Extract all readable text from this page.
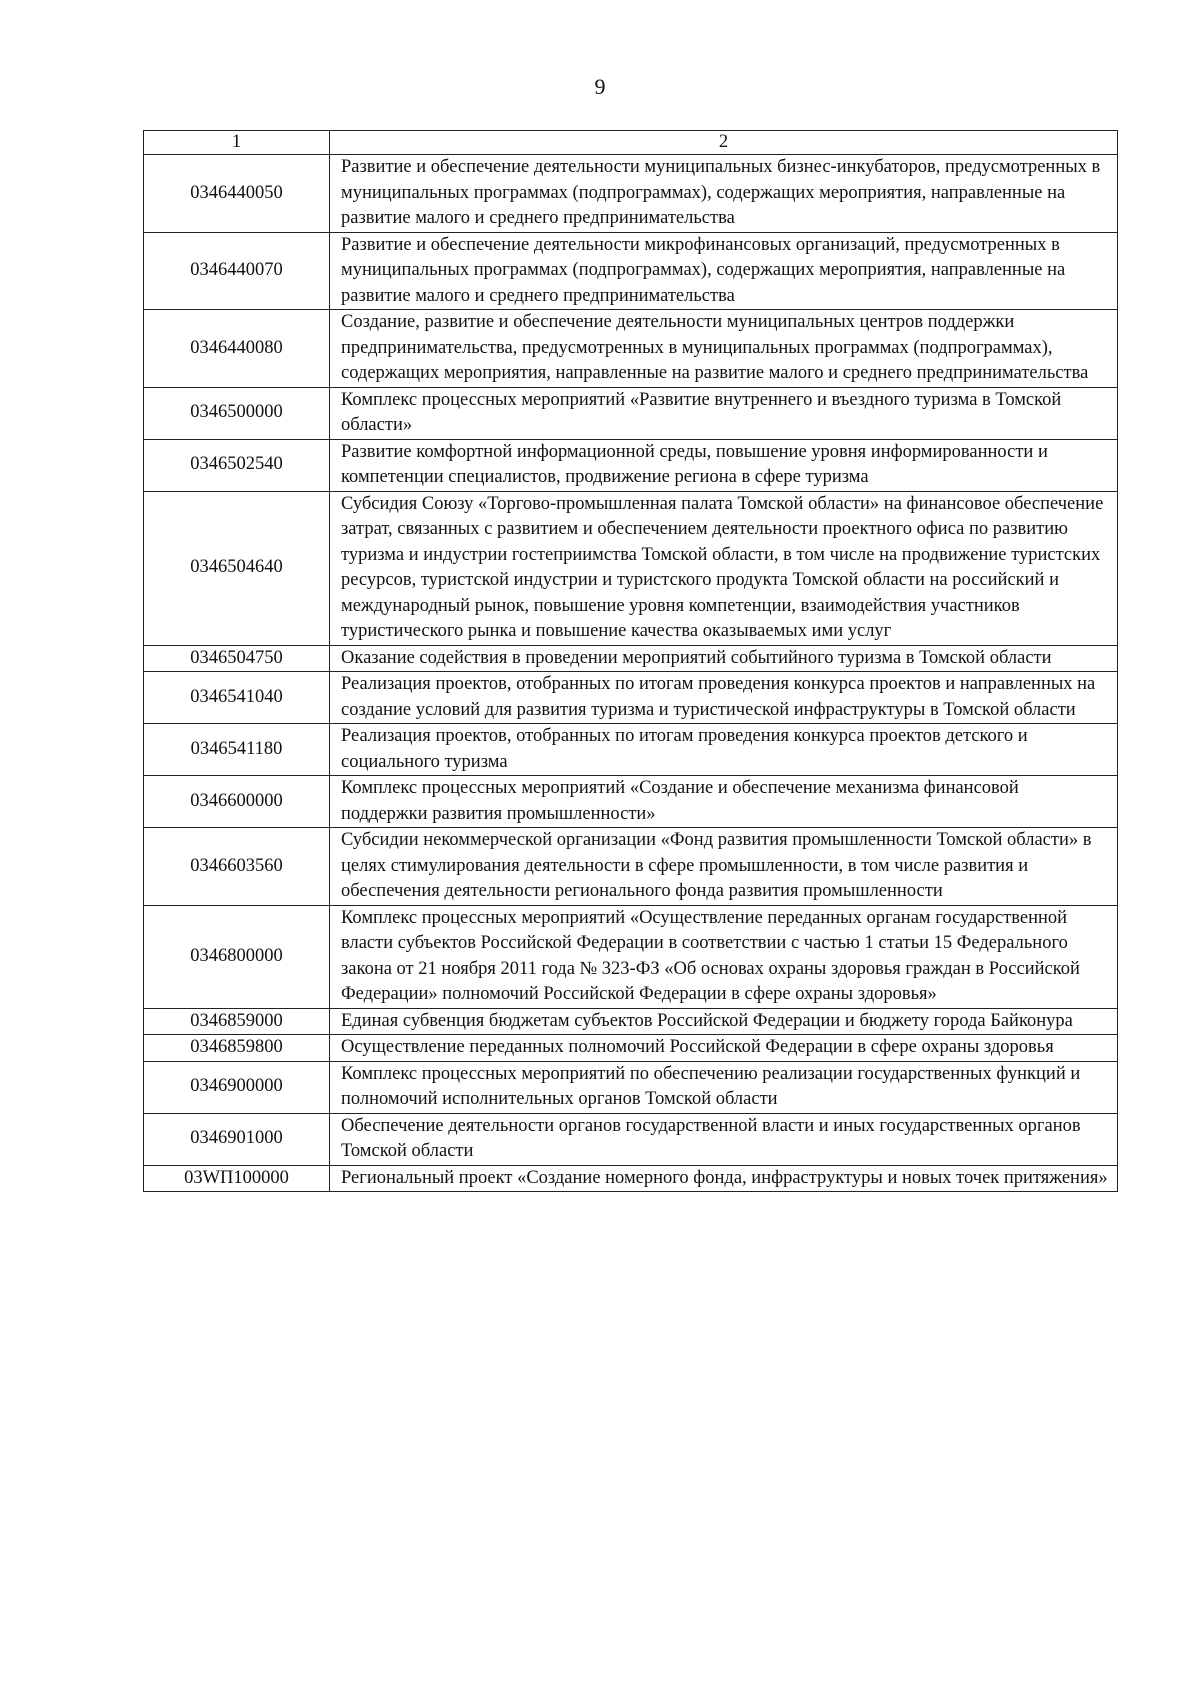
9
1	2
0346440050	Развитие и обеспечение деятельности муниципальных бизнес-инкубаторов, предусмотренных в муниципальных программах (подпрограммах), содержащих мероприятия, направленные на развитие малого и среднего предпринимательства
0346440070	Развитие и обеспечение деятельности микрофинансовых организаций, предусмотренных в муниципальных программах (подпрограммах), содержащих мероприятия, направленные на развитие малого и среднего предпринимательства
0346440080	Создание, развитие и обеспечение деятельности муниципальных центров поддержки предпринимательства, предусмотренных в муниципальных программах (подпрограммах), содержащих мероприятия, направленные на развитие малого и среднего предпринимательства
0346500000	Комплекс процессных мероприятий «Развитие внутреннего и въездного туризма в Томской области»
0346502540	Развитие комфортной информационной среды, повышение уровня информированности и компетенции специалистов, продвижение региона в сфере туризма
0346504640	Субсидия Союзу «Торгово-промышленная палата Томской области» на финансовое обеспечение затрат, связанных с развитием и обеспечением деятельности проектного офиса по развитию туризма и индустрии гостеприимства Томской области, в том числе на продвижение туристских ресурсов, туристской индустрии и туристского продукта Томской области на российский и международный рынок, повышение уровня компетенции, взаимодействия участников туристического рынка и повышение качества оказываемых ими услуг
0346504750	Оказание содействия в проведении мероприятий событийного туризма в Томской области
0346541040	Реализация проектов, отобранных по итогам проведения конкурса проектов и направленных на создание условий для развития туризма и туристической инфраструктуры в Томской области
0346541180	Реализация проектов, отобранных по итогам проведения конкурса проектов детского и социального туризма
0346600000	Комплекс процессных мероприятий «Создание и обеспечение механизма финансовой поддержки развития промышленности»
0346603560	Субсидии некоммерческой организации «Фонд развития промышленности Томской области» в целях стимулирования деятельности в сфере промышленности, в том числе развития и обеспечения деятельности регионального фонда развития промышленности
0346800000	Комплекс процессных мероприятий «Осуществление переданных органам государственной власти субъектов Российской Федерации в соответствии с частью 1 статьи 15 Федерального закона от 21 ноября 2011 года № 323-ФЗ «Об основах охраны здоровья граждан в Российской Федерации» полномочий Российской Федерации в сфере охраны здоровья»
0346859000	Единая субвенция бюджетам субъектов Российской Федерации и бюджету города Байконура
0346859800	Осуществление переданных полномочий Российской Федерации в сфере охраны здоровья
0346900000	Комплекс процессных мероприятий по обеспечению реализации государственных функций и полномочий исполнительных органов Томской области
0346901000	Обеспечение деятельности органов государственной власти и иных государственных органов Томской области
03WП100000	Региональный проект «Создание номерного фонда, инфраструктуры и новых точек притяжения»
